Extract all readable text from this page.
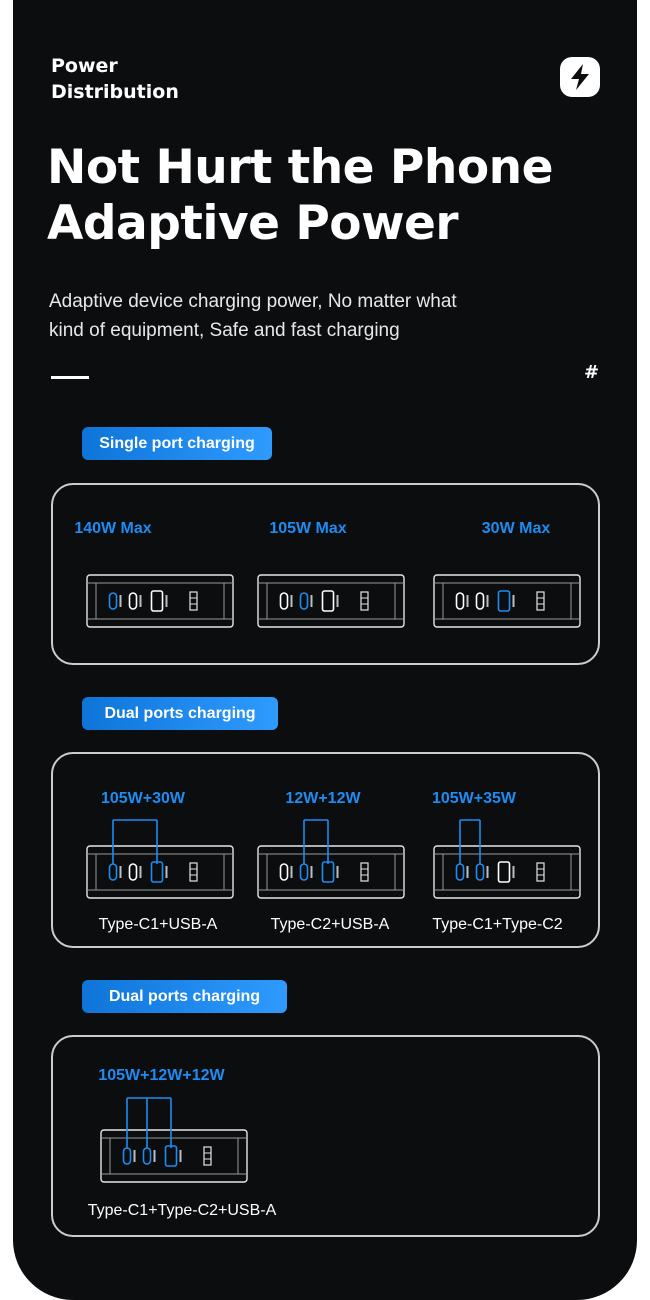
Power
Distribution
Not Hurt the Phone
Adaptive Power
Adaptive device charging power, No matter what
kind of equipment, Safe and fast charging
#
Single port charging
140W Max	105W Max	30W Max
Dual ports charging
105W+30W	12W+12W	105W+35W
Type-C1+USB-A	Type-C2+USB-A	Type-C1+Type-C2
Dual ports charging
105W+12W+12W
Type-C1+Type-C2+USB-A
